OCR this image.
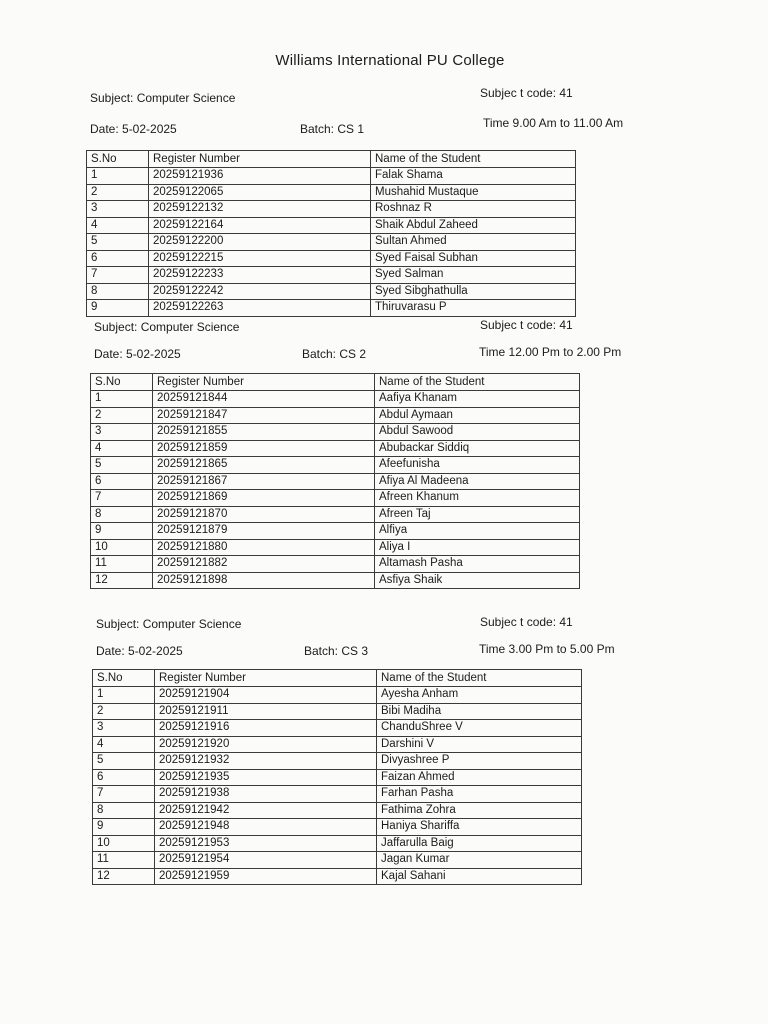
Williams International PU College
Subject: Computer Science	Subjec t code: 41
Date: 5-02-2025	Batch: CS 1	Time 9.00 Am to 11.00 Am
S.No	Register Number	Name of the Student
1	20259121936	Falak Shama
2	20259122065	Mushahid Mustaque
3	20259122132	Roshnaz R
4	20259122164	Shaik Abdul Zaheed
5	20259122200	Sultan Ahmed
6	20259122215	Syed Faisal Subhan
7	20259122233	Syed Salman
8	20259122242	Syed Sibghathulla
9	20259122263	Thiruvarasu P
Subject: Computer Science	Subjec t code: 41
Date: 5-02-2025	Batch: CS 2	Time 12.00 Pm to 2.00 Pm
S.No	Register Number	Name of the Student
1	20259121844	Aafiya Khanam
2	20259121847	Abdul Aymaan
3	20259121855	Abdul Sawood
4	20259121859	Abubackar Siddiq
5	20259121865	Afeefunisha
6	20259121867	Afiya Al Madeena
7	20259121869	Afreen Khanum
8	20259121870	Afreen Taj
9	20259121879	Alfiya
10	20259121880	Aliya I
11	20259121882	Altamash Pasha
12	20259121898	Asfiya Shaik
Subject: Computer Science	Subjec t code: 41
Date: 5-02-2025	Batch: CS 3	Time 3.00 Pm to 5.00 Pm
S.No	Register Number	Name of the Student
1	20259121904	Ayesha Anham
2	20259121911	Bibi Madiha
3	20259121916	ChanduShree V
4	20259121920	Darshini V
5	20259121932	Divyashree P
6	20259121935	Faizan Ahmed
7	20259121938	Farhan Pasha
8	20259121942	Fathima Zohra
9	20259121948	Haniya Shariffa
10	20259121953	Jaffarulla Baig
11	20259121954	Jagan Kumar
12	20259121959	Kajal Sahani
